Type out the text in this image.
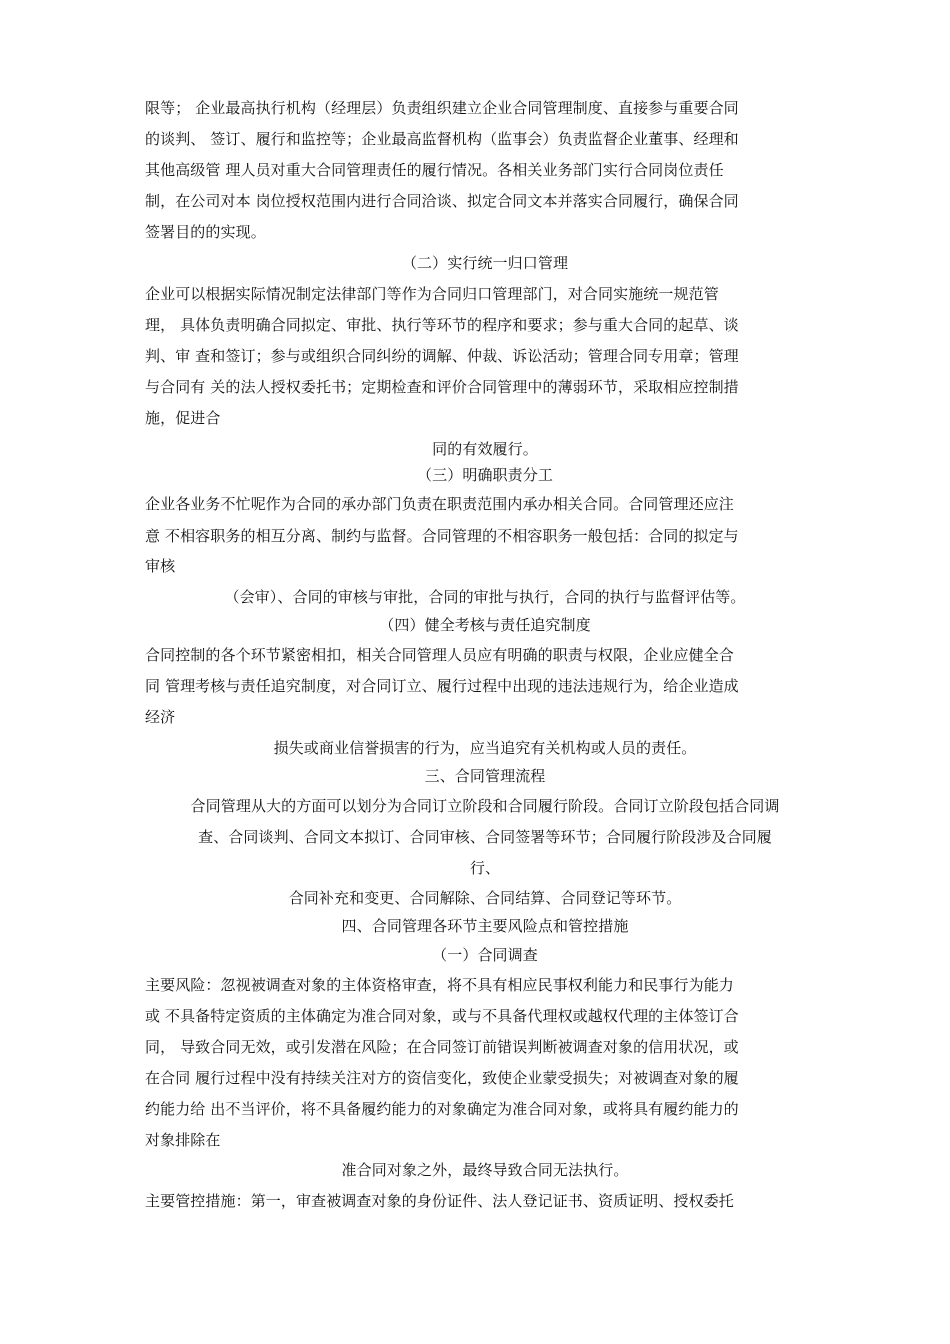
限等； 企业最高执行机构（经理层）负责组织建立企业合同管理制度、直接参与重要合同
的谈判、 签订、履行和监控等；企业最高监督机构（监事会）负责监督企业董事、经理和
其他高级管 理人员对重大合同管理责任的履行情况。各相关业务部门实行合同岗位责任
制，在公司对本 岗位授权范围内进行合同洽谈、拟定合同文本并落实合同履行，确保合同
签署目的的实现。
（二）实行统一归口管理
企业可以根据实际情况制定法律部门等作为合同归口管理部门，对合同实施统一规范管
理， 具体负责明确合同拟定、审批、执行等环节的程序和要求；参与重大合同的起草、谈
判、审 查和签订；参与或组织合同纠纷的调解、仲裁、诉讼活动；管理合同专用章；管理
与合同有 关的法人授权委托书；定期检查和评价合同管理中的薄弱环节，采取相应控制措
施，促进合
同的有效履行。
（三）明确职责分工
企业各业务不忙呢作为合同的承办部门负责在职责范围内承办相关合同。合同管理还应注
意 不相容职务的相互分离、制约与监督。合同管理的不相容职务一般包括：合同的拟定与
审核
（会审）、合同的审核与审批，合同的审批与执行，合同的执行与监督评估等。
（四）健全考核与责任追究制度
合同控制的各个环节紧密相扣，相关合同管理人员应有明确的职责与权限，企业应健全合
同 管理考核与责任追究制度，对合同订立、履行过程中出现的违法违规行为，给企业造成
经济
损失或商业信誉损害的行为，应当追究有关机构或人员的责任。
三、合同管理流程
合同管理从大的方面可以划分为合同订立阶段和合同履行阶段。合同订立阶段包括合同调
查、合同谈判、合同文本拟订、合同审核、合同签署等环节；合同履行阶段涉及合同履
行、
合同补充和变更、合同解除、合同结算、合同登记等环节。
四、合同管理各环节主要风险点和管控措施
（一）合同调查
主要风险：忽视被调查对象的主体资格审查，将不具有相应民事权利能力和民事行为能力
或 不具备特定资质的主体确定为准合同对象，或与不具备代理权或越权代理的主体签订合
同， 导致合同无效，或引发潜在风险；在合同签订前错误判断被调查对象的信用状况，或
在合同 履行过程中没有持续关注对方的资信变化，致使企业蒙受损失；对被调查对象的履
约能力给 出不当评价，将不具备履约能力的对象确定为准合同对象，或将具有履约能力的
对象排除在
准合同对象之外，最终导致合同无法执行。
主要管控措施：第一，审查被调查对象的身份证件、法人登记证书、资质证明、授权委托
